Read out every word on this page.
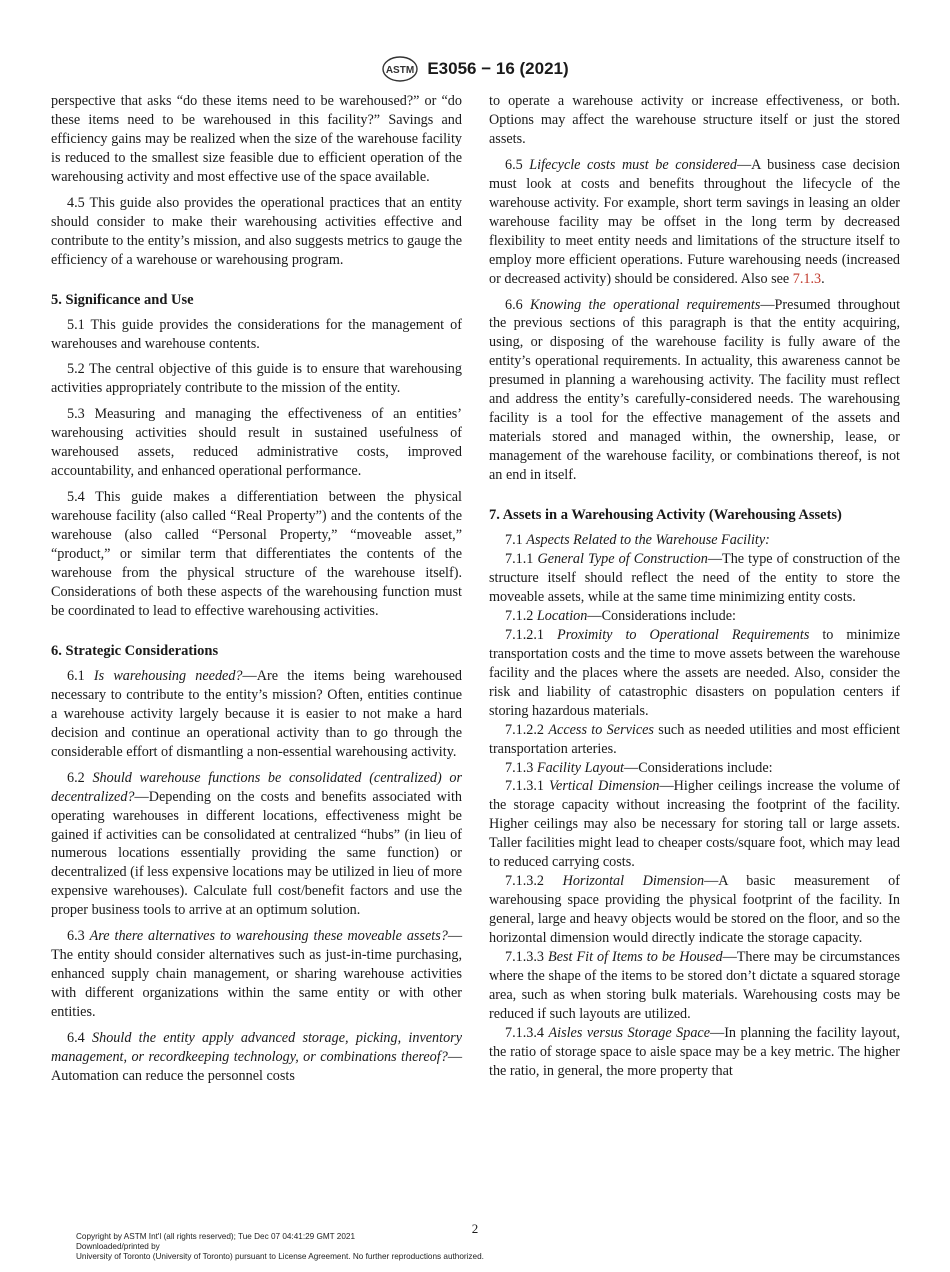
ASTM E3056 − 16 (2021)

perspective that asks “do these items need to be warehoused?” or “do these items need to be warehoused in this facility?” Savings and efficiency gains may be realized when the size of the warehouse facility is reduced to the smallest size feasible due to efficient operation of the warehousing activity and most effective use of the space available.

4.5 This guide also provides the operational practices that an entity should consider to make their warehousing activities effective and contribute to the entity’s mission, and also suggests metrics to gauge the efficiency of a warehouse or warehousing program.

5. Significance and Use

5.1 This guide provides the considerations for the management of warehouses and warehouse contents.

5.2 The central objective of this guide is to ensure that warehousing activities appropriately contribute to the mission of the entity.

5.3 Measuring and managing the effectiveness of an entities’ warehousing activities should result in sustained usefulness of warehoused assets, reduced administrative costs, improved accountability, and enhanced operational performance.

5.4 This guide makes a differentiation between the physical warehouse facility (also called “Real Property”) and the contents of the warehouse (also called “Personal Property,” “moveable asset,” “product,” or similar term that differentiates the contents of the warehouse from the physical structure of the warehouse itself). Considerations of both these aspects of the warehousing function must be coordinated to lead to effective warehousing activities.

6. Strategic Considerations

6.1 Is warehousing needed?—Are the items being warehoused necessary to contribute to the entity’s mission? Often, entities continue a warehouse activity largely because it is easier to not make a hard decision and continue an operational activity than to go through the considerable effort of dismantling a non-essential warehousing activity.

6.2 Should warehouse functions be consolidated (centralized) or decentralized?—Depending on the costs and benefits associated with operating warehouses in different locations, effectiveness might be gained if activities can be consolidated at centralized “hubs” (in lieu of numerous locations essentially providing the same function) or decentralized (if less expensive locations may be utilized in lieu of more expensive warehouses). Calculate full cost/benefit factors and use the proper business tools to arrive at an optimum solution.

6.3 Are there alternatives to warehousing these moveable assets?—The entity should consider alternatives such as just-in-time purchasing, enhanced supply chain management, or sharing warehouse activities with different organizations within the same entity or with other entities.

6.4 Should the entity apply advanced storage, picking, inventory management, or recordkeeping technology, or combinations thereof?—Automation can reduce the personnel costs

to operate a warehouse activity or increase effectiveness, or both. Options may affect the warehouse structure itself or just the stored assets.

6.5 Lifecycle costs must be considered—A business case decision must look at costs and benefits throughout the lifecycle of the warehouse activity. For example, short term savings in leasing an older warehouse facility may be offset in the long term by decreased flexibility to meet entity needs and limitations of the structure itself to employ more efficient operations. Future warehousing needs (increased or decreased activity) should be considered. Also see 7.1.3.

6.6 Knowing the operational requirements—Presumed throughout the previous sections of this paragraph is that the entity acquiring, using, or disposing of the warehouse facility is fully aware of the entity’s operational requirements. In actuality, this awareness cannot be presumed in planning a warehousing activity. The facility must reflect and address the entity’s carefully-considered needs. The warehousing facility is a tool for the effective management of the assets and materials stored and managed within, the ownership, lease, or management of the warehouse facility, or combinations thereof, is not an end in itself.

7. Assets in a Warehousing Activity (Warehousing Assets)

7.1 Aspects Related to the Warehouse Facility:

7.1.1 General Type of Construction—The type of construction of the structure itself should reflect the need of the entity to store the moveable assets, while at the same time minimizing entity costs.

7.1.2 Location—Considerations include:

7.1.2.1 Proximity to Operational Requirements to minimize transportation costs and the time to move assets between the warehouse facility and the places where the assets are needed. Also, consider the risk and liability of catastrophic disasters on population centers if storing hazardous materials.

7.1.2.2 Access to Services such as needed utilities and most efficient transportation arteries.

7.1.3 Facility Layout—Considerations include:

7.1.3.1 Vertical Dimension—Higher ceilings increase the volume of the storage capacity without increasing the footprint of the facility. Higher ceilings may also be necessary for storing tall or large assets. Taller facilities might lead to cheaper costs/square foot, which may lead to reduced carrying costs.

7.1.3.2 Horizontal Dimension—A basic measurement of warehousing space providing the physical footprint of the facility. In general, large and heavy objects would be stored on the floor, and so the horizontal dimension would directly indicate the storage capacity.

7.1.3.3 Best Fit of Items to be Housed—There may be circumstances where the shape of the items to be stored don’t dictate a squared storage area, such as when storing bulk materials. Warehousing costs may be reduced if such layouts are utilized.

7.1.3.4 Aisles versus Storage Space—In planning the facility layout, the ratio of storage space to aisle space may be a key metric. The higher the ratio, in general, the more property that

2
Copyright by ASTM Int'l (all rights reserved); Tue Dec 07 04:41:29 GMT 2021
Downloaded/printed by
University of Toronto (University of Toronto) pursuant to License Agreement. No further reproductions authorized.
